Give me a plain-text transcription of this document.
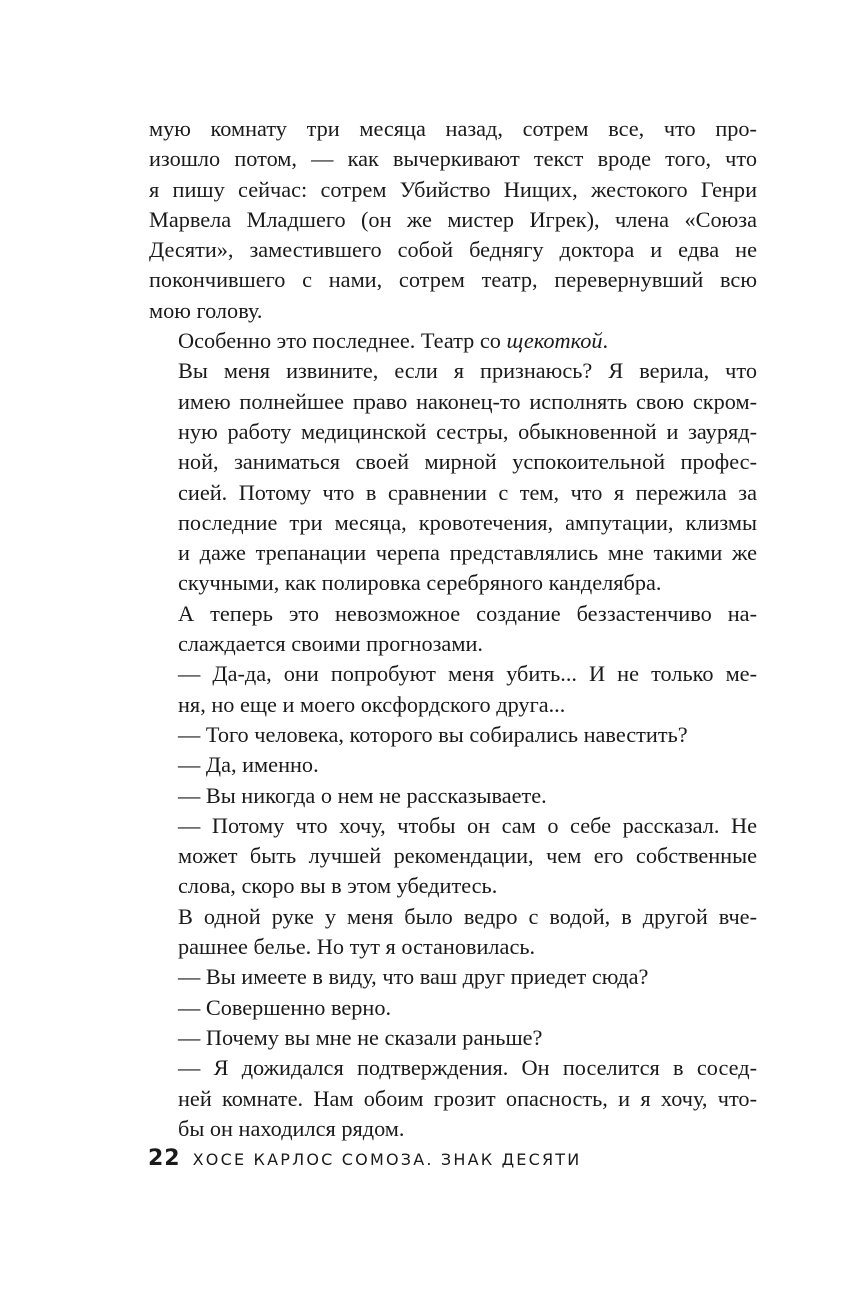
мую комнату три месяца назад, сотрем все, что про-
изошло потом, — как вычеркивают текст вроде того, что
я пишу сейчас: сотрем Убийство Нищих, жестокого Генри
Марвела Младшего (он же мистер Игрек), члена «Союза
Десяти», заместившего собой беднягу доктора и едва не
покончившего с нами, сотрем театр, перевернувший всю
мою голову.

Особенно это последнее. Театр со щекоткой.

Вы меня извините, если я признаюсь? Я верила, что
имею полнейшее право наконец-то исполнять свою скром-
ную работу медицинской сестры, обыкновенной и зауряд-
ной, заниматься своей мирной успокоительной профес-
сией. Потому что в сравнении с тем, что я пережила за
последние три месяца, кровотечения, ампутации, клизмы
и даже трепанации черепа представлялись мне такими же
скучными, как полировка серебряного канделябра.

А теперь это невозможное создание беззастенчиво на-
слаждается своими прогнозами.

— Да-да, они попробуют меня убить... И не только ме-
ня, но еще и моего оксфордского друга...

— Того человека, которого вы собирались навестить?

— Да, именно.

— Вы никогда о нем не рассказываете.

— Потому что хочу, чтобы он сам о себе рассказал. Не
может быть лучшей рекомендации, чем его собственные
слова, скоро вы в этом убедитесь.

В одной руке у меня было ведро с водой, в другой вче-
рашнее белье. Но тут я остановилась.

— Вы имеете в виду, что ваш друг приедет сюда?

— Совершенно верно.

— Почему вы мне не сказали раньше?

— Я дожидался подтверждения. Он поселится в сосед-
ней комнате. Нам обоим грозит опасность, и я хочу, что-
бы он находился рядом.

22 ХОСЕ КАРЛОС СОМОЗА. ЗНАК ДЕСЯТИ
